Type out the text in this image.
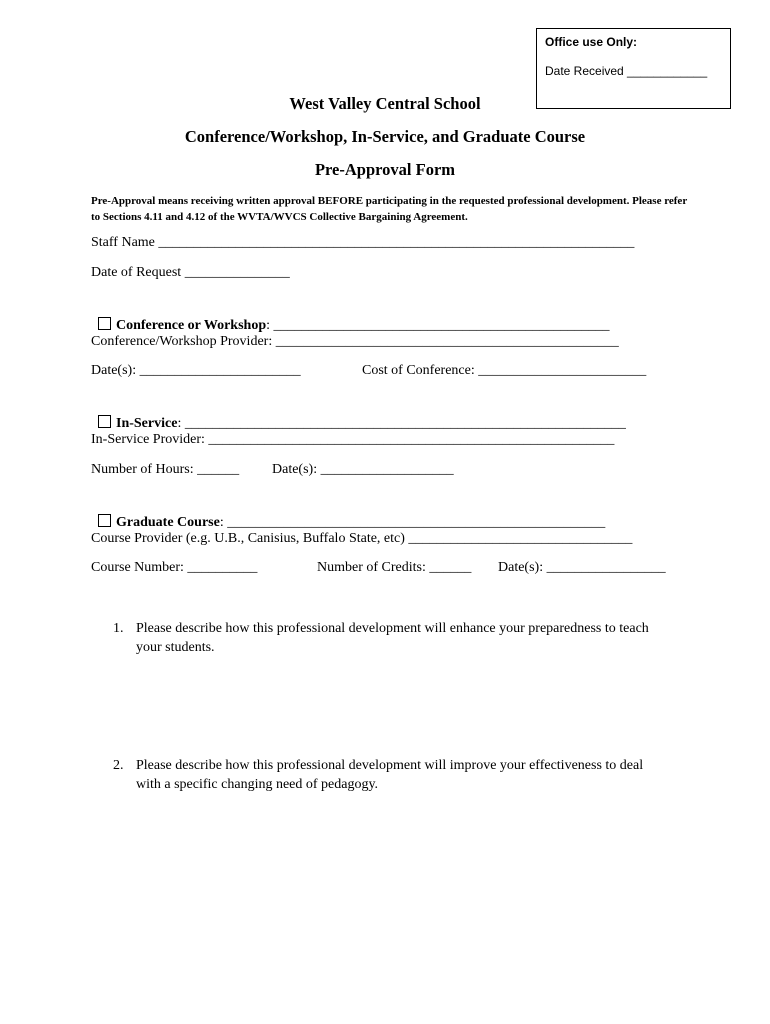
Office use Only:
Date Received ____________
West Valley Central School
Conference/Workshop, In-Service, and Graduate Course
Pre-Approval Form
Pre-Approval means receiving written approval BEFORE participating in the requested professional development. Please refer to Sections 4.11 and 4.12 of the WVTA/WVCS Collective Bargaining Agreement.
Staff Name ____________________________________________________________________
Date of Request _______________

Conference or Workshop: ________________________________________________

Conference/Workshop Provider: _________________________________________________
Date(s): _______________________	Cost of Conference: ________________________

In-Service: _______________________________________________________________

In-Service Provider: __________________________________________________________
Number of Hours: ______ Date(s): ___________________

Graduate Course: ______________________________________________________

Course Provider (e.g. U.B., Canisius, Buffalo State, etc) ________________________________
Course Number: __________	Number of Credits: ______ Date(s): _________________
1. Please describe how this professional development will enhance your preparedness to teach your students.
2. Please describe how this professional development will improve your effectiveness to deal with a specific changing need of pedagogy.
